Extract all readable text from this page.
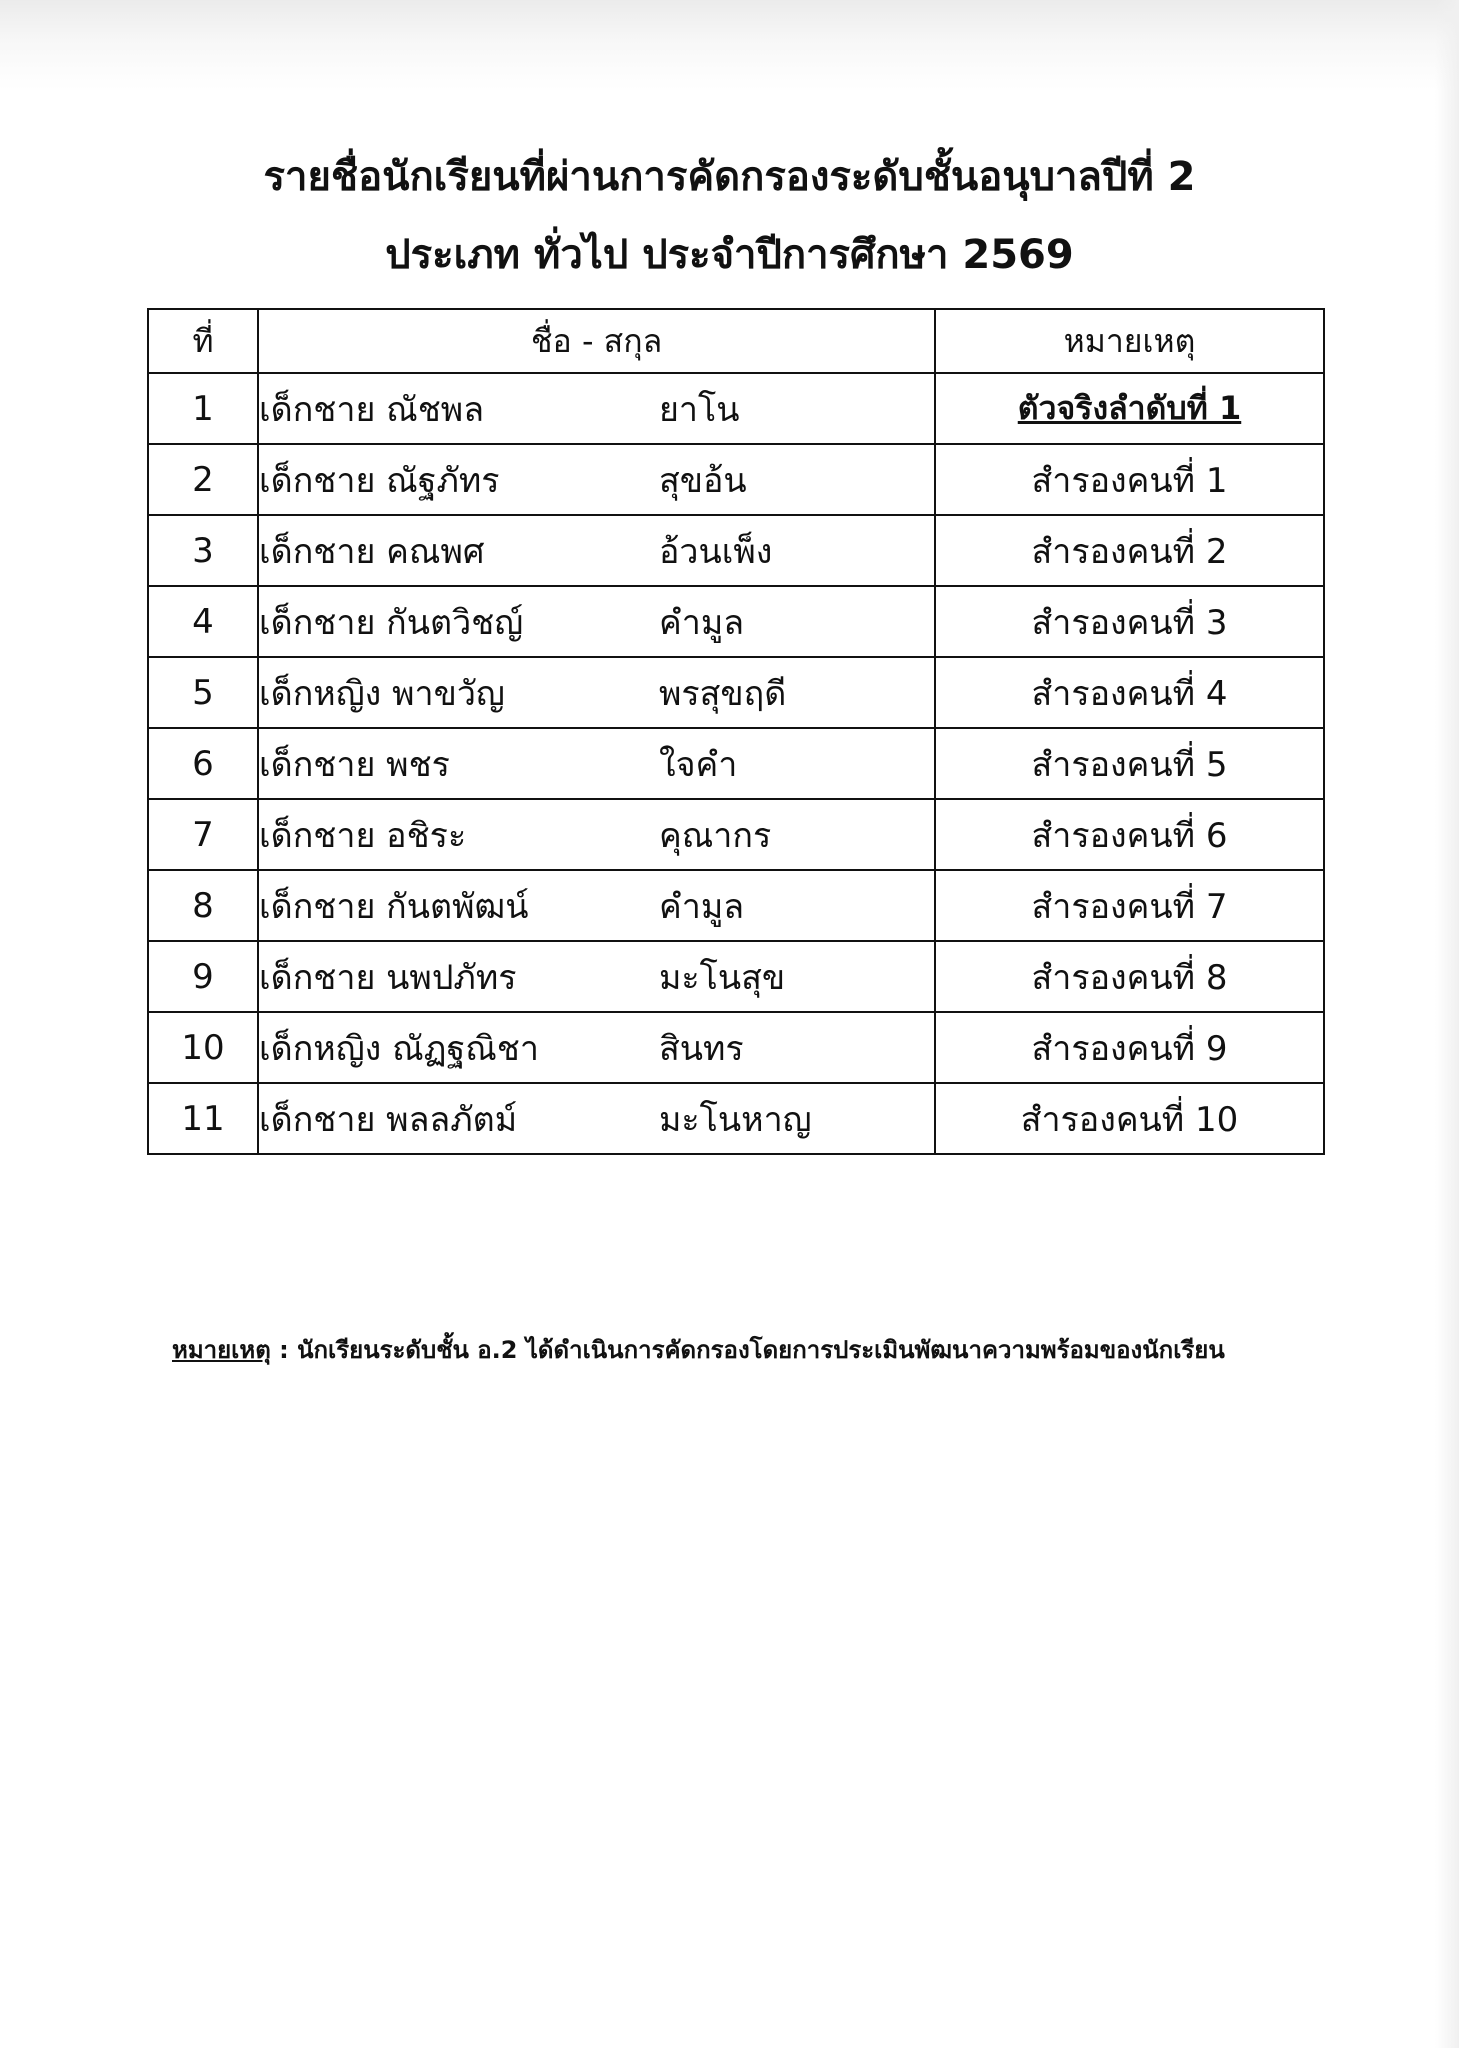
รายชื่อนักเรียนที่ผ่านการคัดกรองระดับชั้นอนุบาลปีที่ 2
ประเภท ทั่วไป ประจำปีการศึกษา 2569
ที่	ชื่อ - สกุล	หมายเหตุ
1	เด็กชาย ณัชพล ยาโน	ตัวจริงลำดับที่ 1
2	เด็กชาย ณัฐภัทร สุขอ้น	สำรองคนที่ 1
3	เด็กชาย คณพศ อ้วนเพ็ง	สำรองคนที่ 2
4	เด็กชาย กันตวิชญ์ คำมูล	สำรองคนที่ 3
5	เด็กหญิง พาขวัญ พรสุขฤดี	สำรองคนที่ 4
6	เด็กชาย พชร ใจคำ	สำรองคนที่ 5
7	เด็กชาย อชิระ คุณากร	สำรองคนที่ 6
8	เด็กชาย กันตพัฒน์ คำมูล	สำรองคนที่ 7
9	เด็กชาย นพปภัทร มะโนสุข	สำรองคนที่ 8
10	เด็กหญิง ณัฏฐณิชา สินทร	สำรองคนที่ 9
11	เด็กชาย พลลภัตม์ มะโนหาญ	สำรองคนที่ 10

หมายเหตุ : นักเรียนระดับชั้น อ.2 ได้ดำเนินการคัดกรองโดยการประเมินพัฒนาความพร้อมของนักเรียน
